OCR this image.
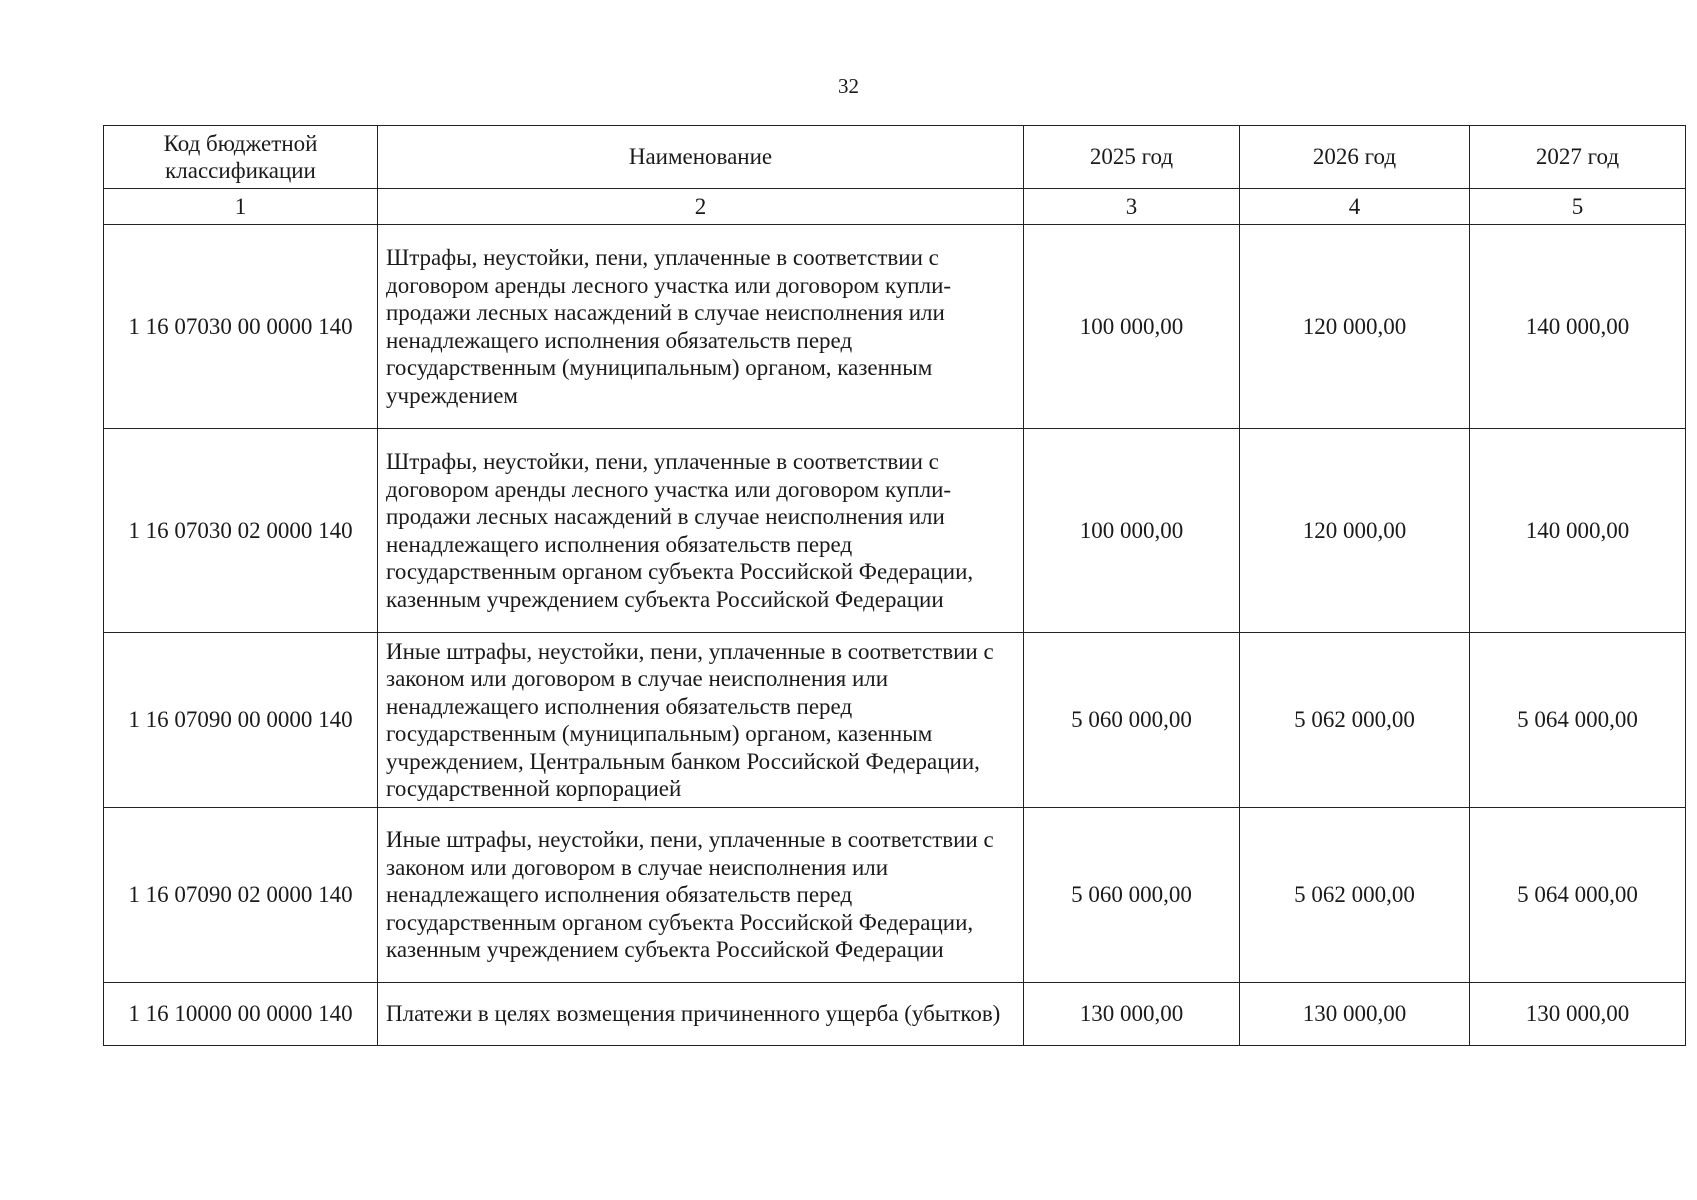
32
Код бюджетной классификации	Наименование	2025 год	2026 год	2027 год
1	2	3	4	5
1 16 07030 00 0000 140	Штрафы, неустойки, пени, уплаченные в соответствии с договором аренды лесного участка или договором купли-продажи лесных насаждений в случае неисполнения или ненадлежащего исполнения обязательств перед государственным (муниципальным) органом, казенным учреждением	100 000,00	120 000,00	140 000,00
1 16 07030 02 0000 140	Штрафы, неустойки, пени, уплаченные в соответствии с договором аренды лесного участка или договором купли-продажи лесных насаждений в случае неисполнения или ненадлежащего исполнения обязательств перед государственным органом субъекта Российской Федерации, казенным учреждением субъекта Российской Федерации	100 000,00	120 000,00	140 000,00
1 16 07090 00 0000 140	Иные штрафы, неустойки, пени, уплаченные в соответствии с законом или договором в случае неисполнения или ненадлежащего исполнения обязательств перед государственным (муниципальным) органом, казенным учреждением, Центральным банком Российской Федерации, государственной корпорацией	5 060 000,00	5 062 000,00	5 064 000,00
1 16 07090 02 0000 140	Иные штрафы, неустойки, пени, уплаченные в соответствии с законом или договором в случае неисполнения или ненадлежащего исполнения обязательств перед государственным органом субъекта Российской Федерации, казенным учреждением субъекта Российской Федерации	5 060 000,00	5 062 000,00	5 064 000,00
1 16 10000 00 0000 140	Платежи в целях возмещения причиненного ущерба (убытков)	130 000,00	130 000,00	130 000,00
